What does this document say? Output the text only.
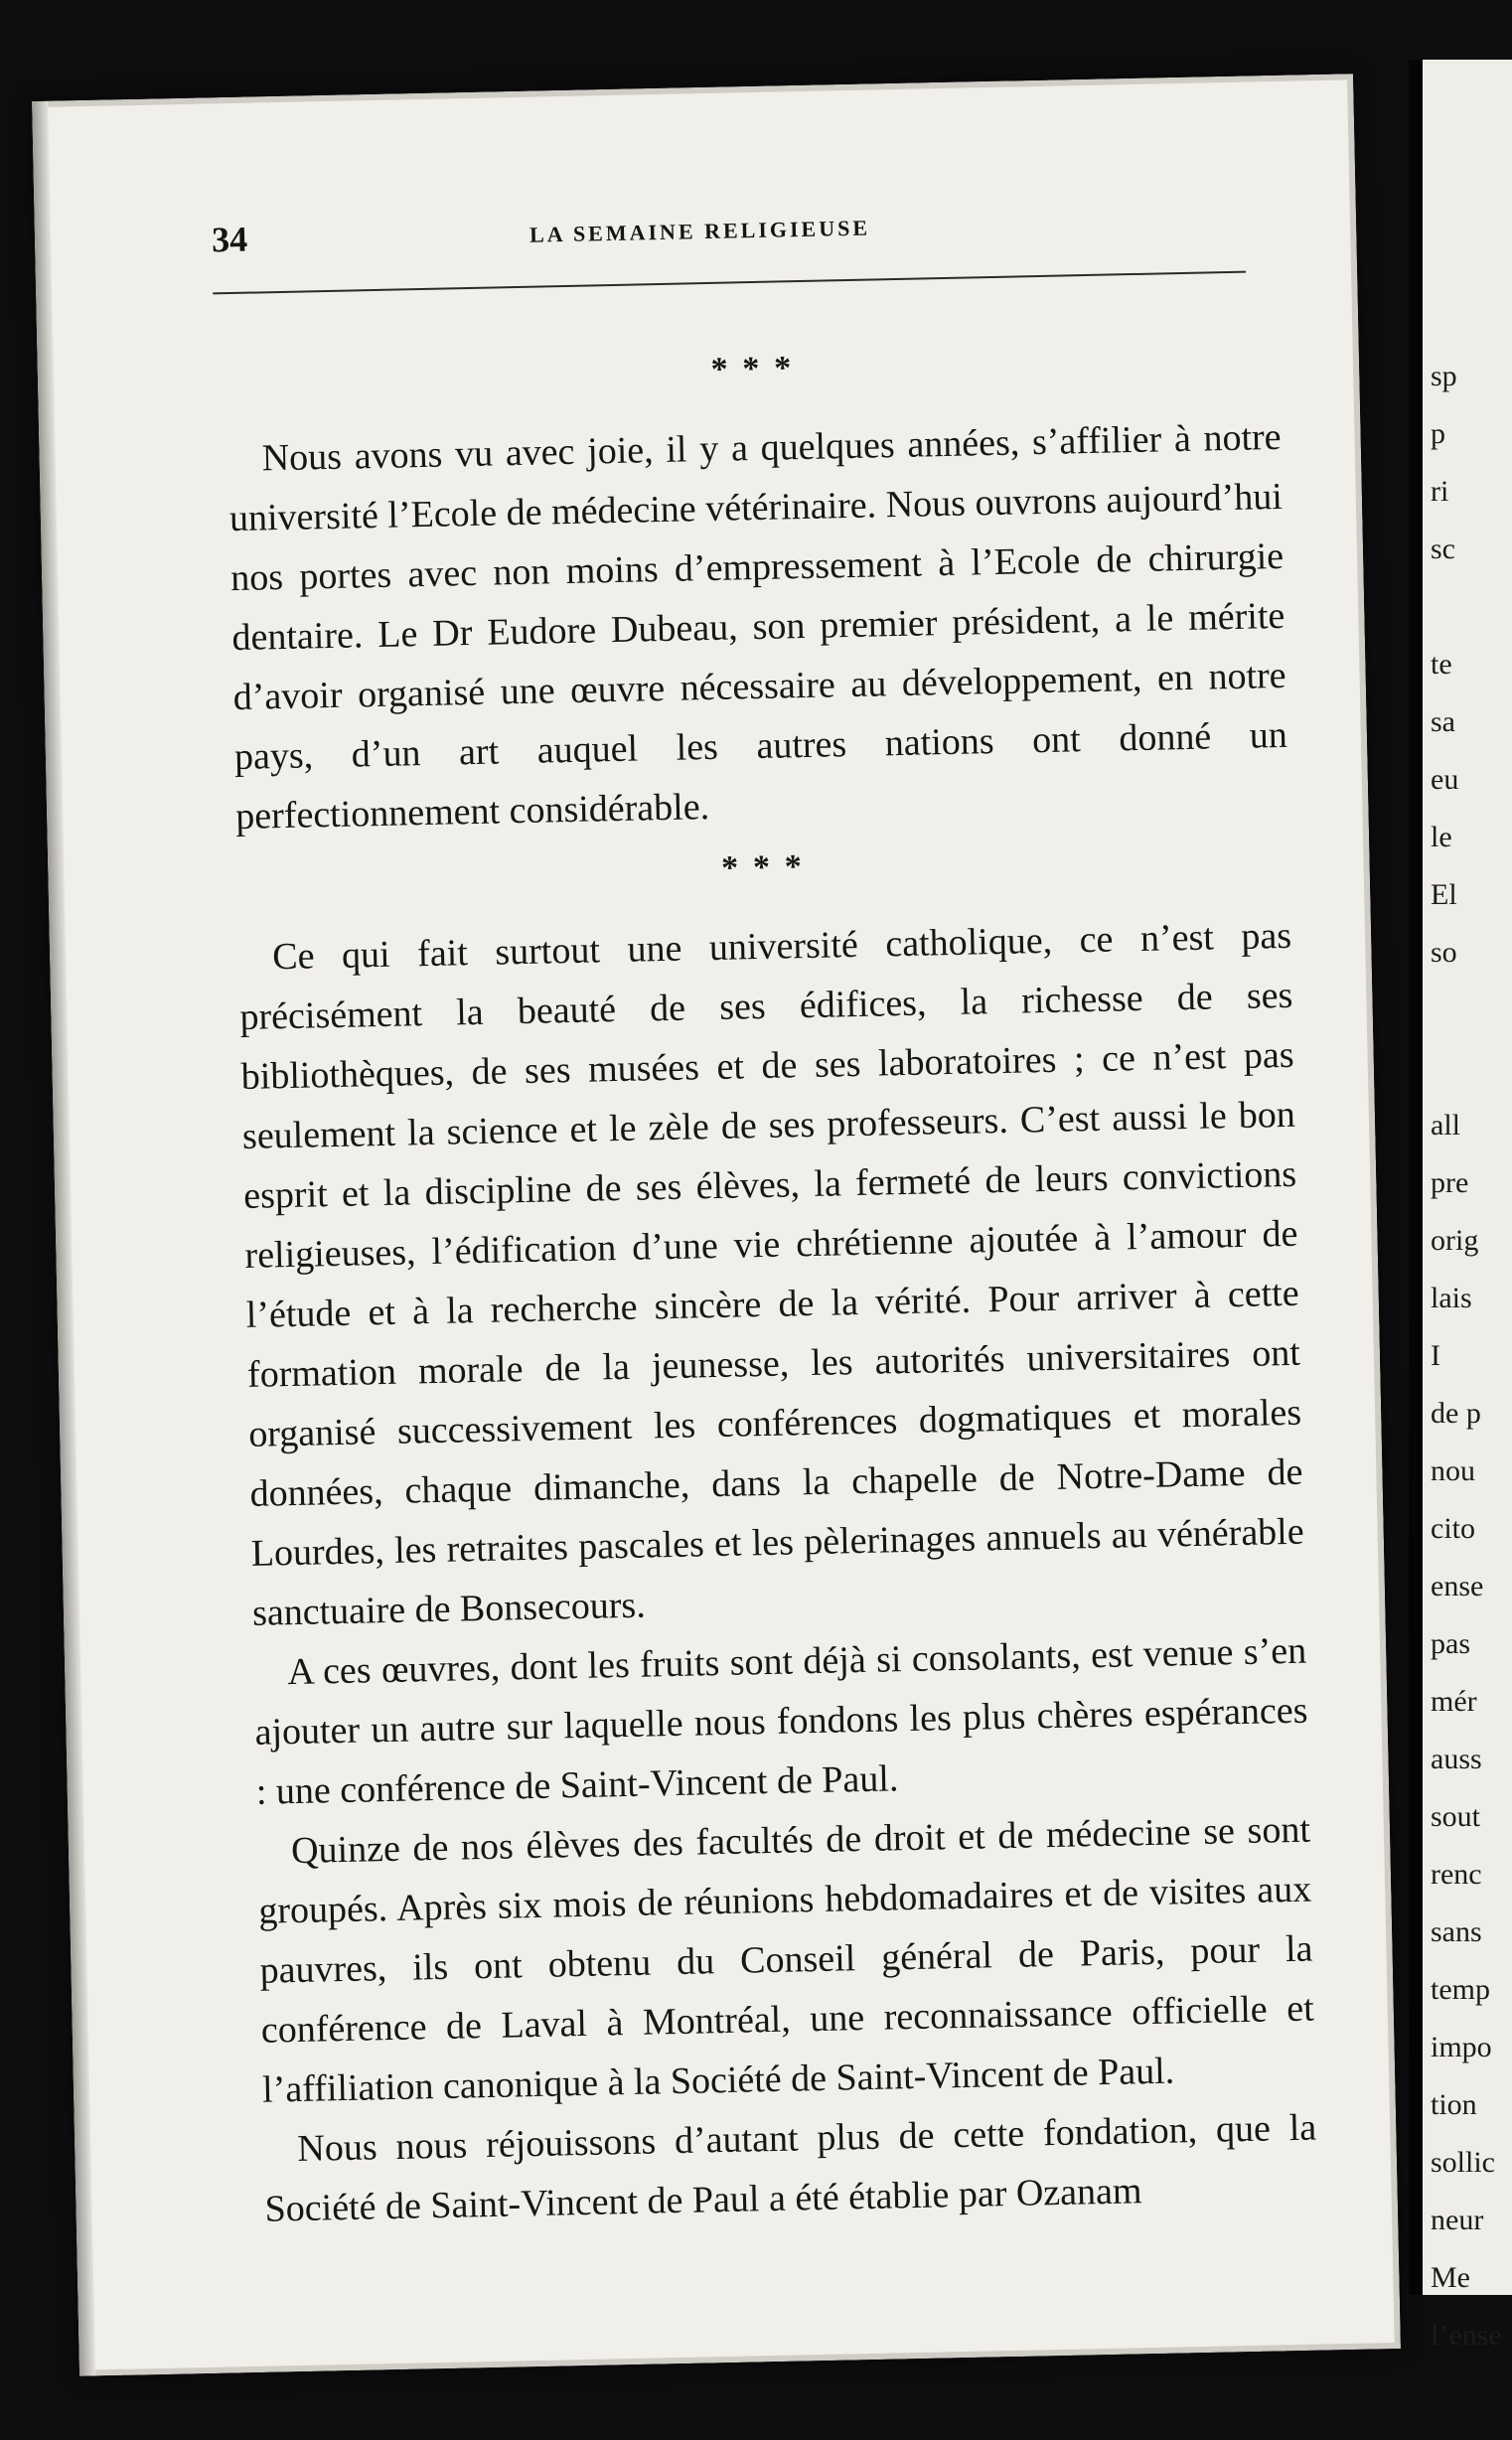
sp
p
ri
sc
te
sa
eu
le
El
so
all
pre
orig
lais
I
de p
nou
cito
ense
pas
mér
auss
sout
renc
sans
temp
impo
tion
sollic
neur
Me
l’ense
34	LA SEMAINE RELIGIEUSE
* * *

Nous avons vu avec joie, il y a quelques années, s’affilier à notre université l’Ecole de médecine vétérinaire. Nous ouvrons aujourd’hui nos portes avec non moins d’empressement à l’Ecole de chirurgie dentaire. Le Dr Eudore Dubeau, son premier président, a le mérite d’avoir organisé une œuvre nécessaire au développement, en notre pays, d’un art auquel les autres nations ont donné un perfectionnement considérable.

* * *

Ce qui fait surtout une université catholique, ce n’est pas précisément la beauté de ses édifices, la richesse de ses bibliothèques, de ses musées et de ses laboratoires ; ce n’est pas seulement la science et le zèle de ses professeurs. C’est aussi le bon esprit et la discipline de ses élèves, la fermeté de leurs convictions religieuses, l’édification d’une vie chrétienne ajoutée à l’amour de l’étude et à la recherche sincère de la vérité. Pour arriver à cette formation morale de la jeunesse, les autorités universitaires ont organisé successivement les conférences dogmatiques et morales données, chaque dimanche, dans la chapelle de Notre-Dame de Lourdes, les retraites pascales et les pèlerinages annuels au vénérable sanctuaire de Bonsecours.

A ces œuvres, dont les fruits sont déjà si consolants, est venue s’en ajouter un autre sur laquelle nous fondons les plus chères espérances : une conférence de Saint-Vincent de Paul.

Quinze de nos élèves des facultés de droit et de médecine se sont groupés. Après six mois de réunions hebdomadaires et de visites aux pauvres, ils ont obtenu du Conseil général de Paris, pour la conférence de Laval à Montréal, une reconnaissance officielle et l’affiliation canonique à la Société de Saint-Vincent de Paul.

Nous nous réjouissons d’autant plus de cette fondation, que la Société de Saint-Vincent de Paul a été établie par Ozanam
